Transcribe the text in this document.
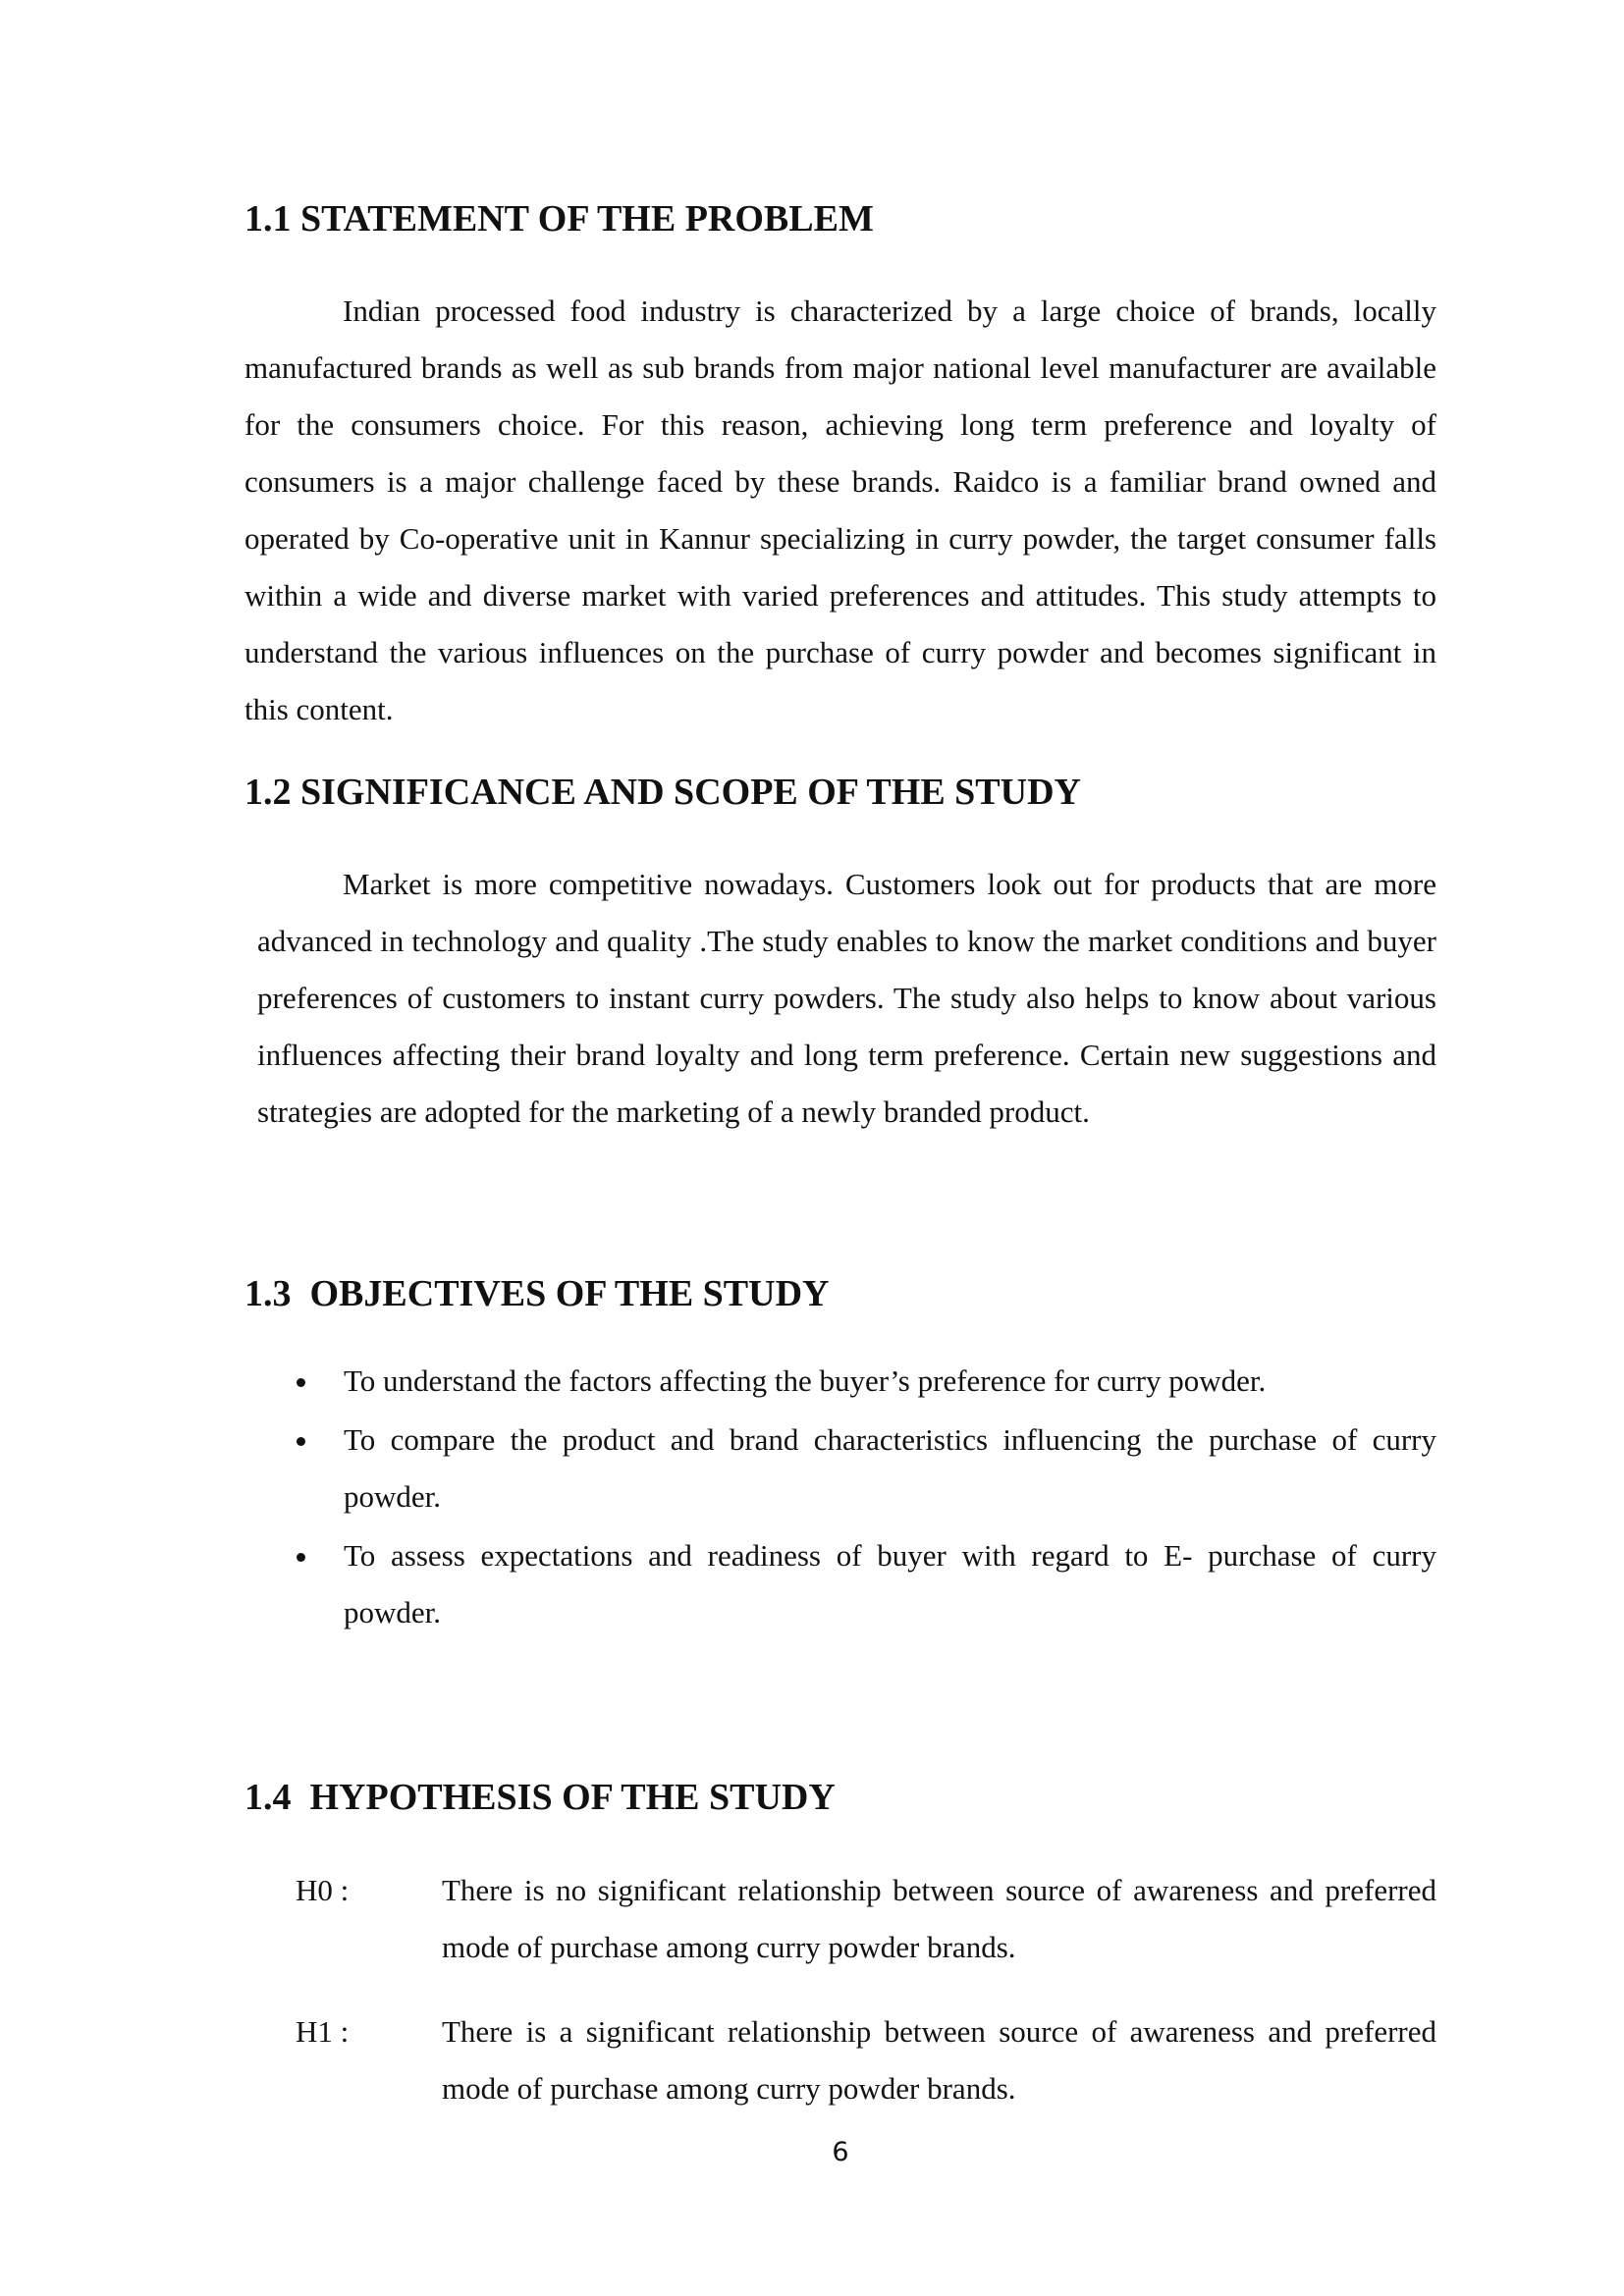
1.1 STATEMENT OF THE PROBLEM

Indian processed food industry is characterized by a large choice of brands, locally manufactured brands as well as sub brands from major national level manufacturer are available for the consumers choice. For this reason, achieving long term preference and loyalty of consumers is a major challenge faced by these brands. Raidco is a familiar brand owned and operated by Co-operative unit in Kannur specializing in curry powder, the target consumer falls within a wide and diverse market with varied preferences and attitudes. This study attempts to understand the various influences on the purchase of curry powder and becomes significant in this content.

1.2 SIGNIFICANCE AND SCOPE OF THE STUDY

Market is more competitive nowadays. Customers look out for products that are more advanced in technology and quality .The study enables to know the market conditions and buyer preferences of customers to instant curry powders. The study also helps to know about various influences affecting their brand loyalty and long term preference. Certain new suggestions and strategies are adopted for the marketing of a newly branded product.

1.3  OBJECTIVES OF THE STUDY
To understand the factors affecting the buyer’s preference for curry powder.
To compare the product and brand characteristics influencing the purchase of curry powder.
To assess expectations and readiness of buyer with regard to E- purchase of curry powder.
1.4  HYPOTHESIS OF THE STUDY
H0 :	There is no significant relationship between source of awareness and preferred mode of purchase among curry powder brands.

H1 :	There is a significant relationship between source of awareness and preferred mode of purchase among curry powder brands.

6
